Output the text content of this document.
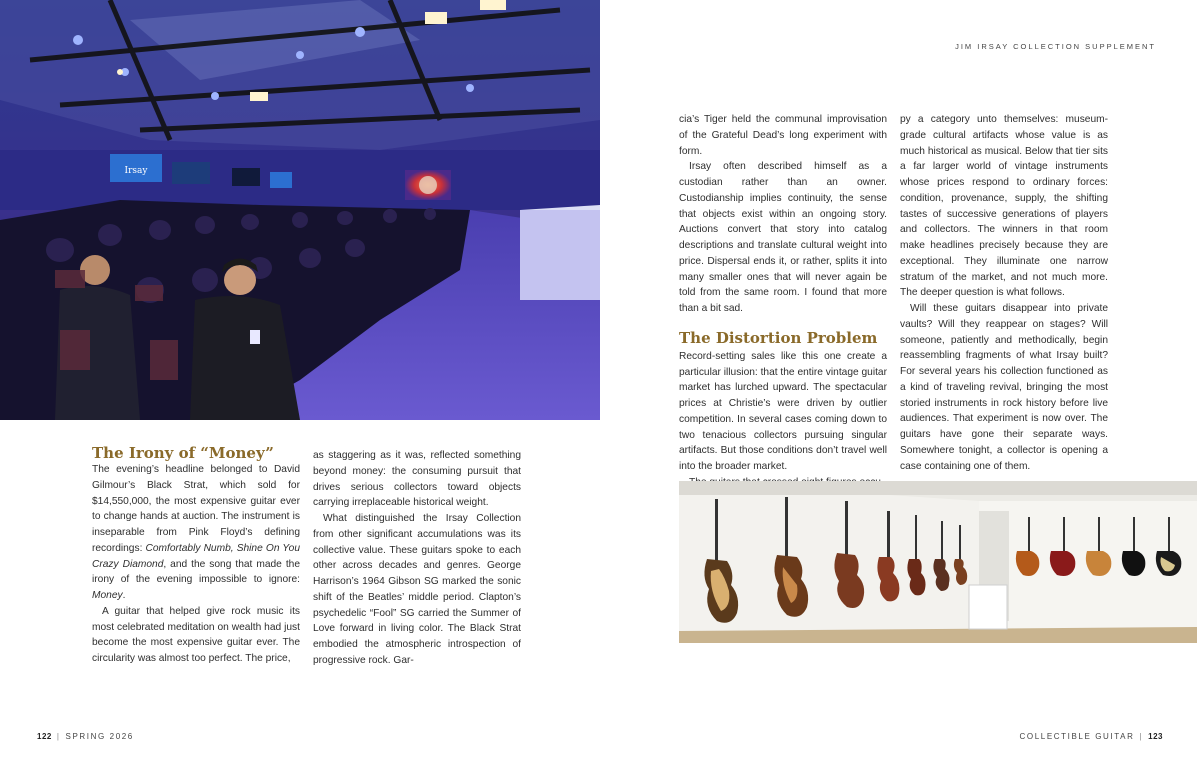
JIM IRSAY COLLECTION SUPPLEMENT
Irsay
The Irony of “Money”

The evening’s headline belonged to David Gilmour’s Black Strat, which sold for $14,550,000, the most expensive guitar ever to change hands at auction. The instrument is inseparable from Pink Floyd’s defining recordings: Comfortably Numb, Shine On You Crazy Diamond, and the song that made the irony of the evening impossible to ignore: Money.

A guitar that helped give rock music its most celebrated meditation on wealth had just become the most expensive guitar ever. The circularity was almost too perfect. The price,

as staggering as it was, reflected something beyond money: the consuming pursuit that drives serious collectors toward objects carrying irreplaceable historical weight.

What distinguished the Irsay Collection from other significant accumulations was its collective value. These guitars spoke to each other across decades and genres. George Harrison’s 1964 Gibson SG marked the sonic shift of the Beatles’ middle period. Clapton’s psychedelic “Fool” SG carried the Summer of Love forward in living color. The Black Strat embodied the atmospheric introspection of progressive rock. Gar-

cia’s Tiger held the communal improvisation of the Grateful Dead’s long experiment with form.

Irsay often described himself as a custodian rather than an owner. Custodianship implies continuity, the sense that objects exist within an ongoing story. Auctions convert that story into catalog descriptions and translate cultural weight into price. Dispersal ends it, or rather, splits it into many smaller ones that will never again be told from the same room. I found that more than a bit sad.

The Distortion Problem

Record-setting sales like this one create a particular illusion: that the entire vintage guitar market has lurched upward. The spectacular prices at Christie’s were driven by outlier competition. In several cases coming down to two tenacious collectors pursuing singular artifacts. But those conditions don’t travel well into the broader market.

py a category unto themselves: museum-grade cultural artifacts whose value is as much historical as musical. Below that tier sits a far larger world of vintage instruments whose prices respond to ordinary forces: condition, provenance, supply, the shifting tastes of successive generations of players and collectors. The winners in that room make headlines precisely because they are exceptional. They illuminate one narrow stratum of the market, and not much more. The deeper question is what follows.

Will these guitars disappear into private vaults? Will they reappear on stages? Will someone, patiently and methodically, begin reassembling fragments of what Irsay built? For several years his collection functioned as a kind of traveling revival, bringing the most storied instruments in rock history before live audiences. That experiment is now over. The guitars have gone their separate ways. Somewhere tonight, a collector is opening a case containing one of them.

122 | SPRING 2026	COLLECTIBLE GUITAR | 123
